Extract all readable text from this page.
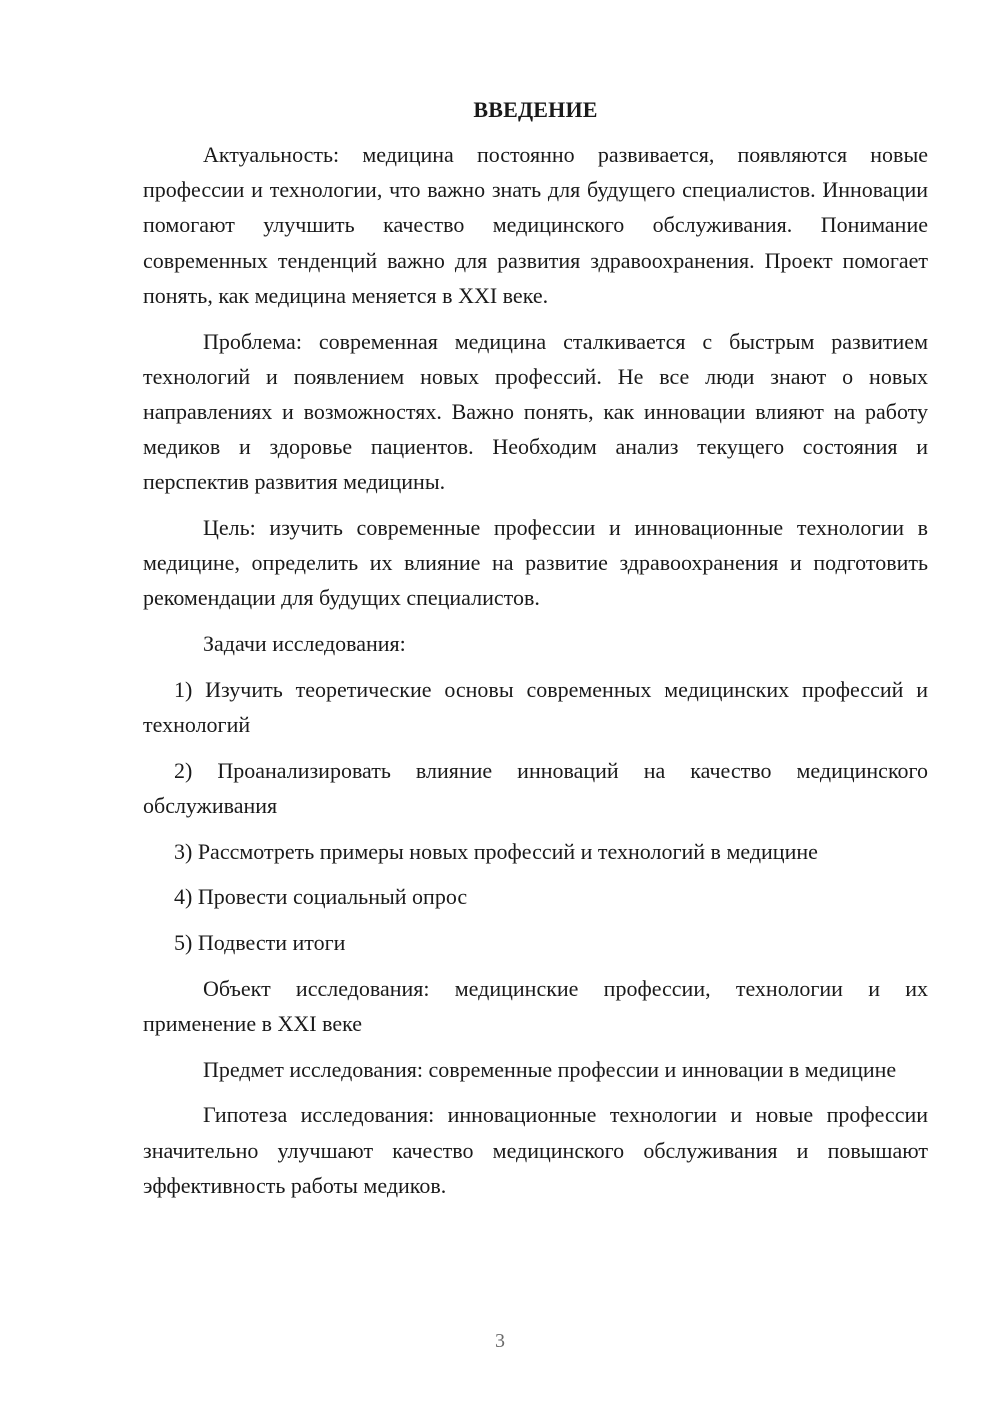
ВВЕДЕНИЕ

Актуальность: медицина постоянно развивается, появляются новые профессии и технологии, что важно знать для будущего специалистов. Инновации помогают улучшить качество медицинского обслуживания. Понимание современных тенденций важно для развития здравоохранения. Проект помогает понять, как медицина меняется в XXI веке.

Проблема: современная медицина сталкивается с быстрым развитием технологий и появлением новых профессий. Не все люди знают о новых направлениях и возможностях. Важно понять, как инновации влияют на работу медиков и здоровье пациентов. Необходим анализ текущего состояния и перспектив развития медицины.

Цель: изучить современные профессии и инновационные технологии в медицине, определить их влияние на развитие здравоохранения и подготовить рекомендации для будущих специалистов.

Задачи исследования:

1) Изучить теоретические основы современных медицинских профессий и технологий

2) Проанализировать влияние инноваций на качество медицинского обслуживания

3) Рассмотреть примеры новых профессий и технологий в медицине

4) Провести социальный опрос

5) Подвести итоги

Объект исследования: медицинские профессии, технологии и их применение в XXI веке

Предмет исследования: современные профессии и инновации в медицине

Гипотеза исследования: инновационные технологии и новые профессии значительно улучшают качество медицинского обслуживания и повышают эффективность работы медиков.

3
